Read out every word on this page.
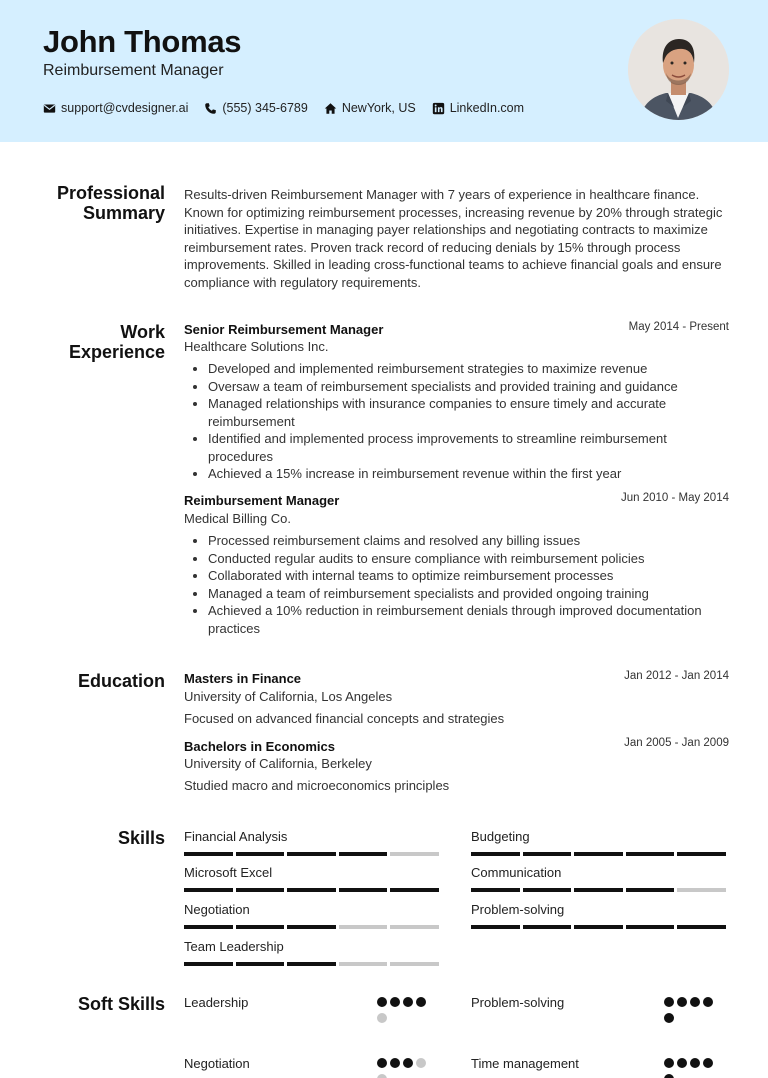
John Thomas
Reimbursement Manager
support@cvdesigner.ai	(555) 345-6789	NewYork, US	LinkedIn.com
Professional
Summary
Results-driven Reimbursement Manager with 7 years of experience in healthcare finance. Known for optimizing reimbursement processes, increasing revenue by 20% through strategic initiatives. Expertise in managing payer relationships and negotiating contracts to maximize reimbursement rates. Proven track record of reducing denials by 15% through process improvements. Skilled in leading cross-functional teams to achieve financial goals and ensure compliance with regulatory requirements.
Work
Experience
Senior Reimbursement Manager	May 2014 - Present
Healthcare Solutions Inc.
Developed and implemented reimbursement strategies to maximize revenue
Oversaw a team of reimbursement specialists and provided training and guidance
Managed relationships with insurance companies to ensure timely and accurate reimbursement
Identified and implemented process improvements to streamline reimbursement procedures
Achieved a 15% increase in reimbursement revenue within the first year
Reimbursement Manager	Jun 2010 - May 2014
Medical Billing Co.
Processed reimbursement claims and resolved any billing issues
Conducted regular audits to ensure compliance with reimbursement policies
Collaborated with internal teams to optimize reimbursement processes
Managed a team of reimbursement specialists and provided ongoing training
Achieved a 10% reduction in reimbursement denials through improved documentation practices
Education Masters in Finance	Jan 2012 - Jan 2014
University of California, Los Angeles
Focused on advanced financial concepts and strategies
Bachelors in Economics	Jan 2005 - Jan 2009
University of California, Berkeley
Studied macro and microeconomics principles
Skills Financial Analysis	Budgeting
Microsoft Excel	Communication
Negotiation	Problem-solving
Team Leadership
Soft Skills Leadership	Problem-solving
Negotiation	Time management
